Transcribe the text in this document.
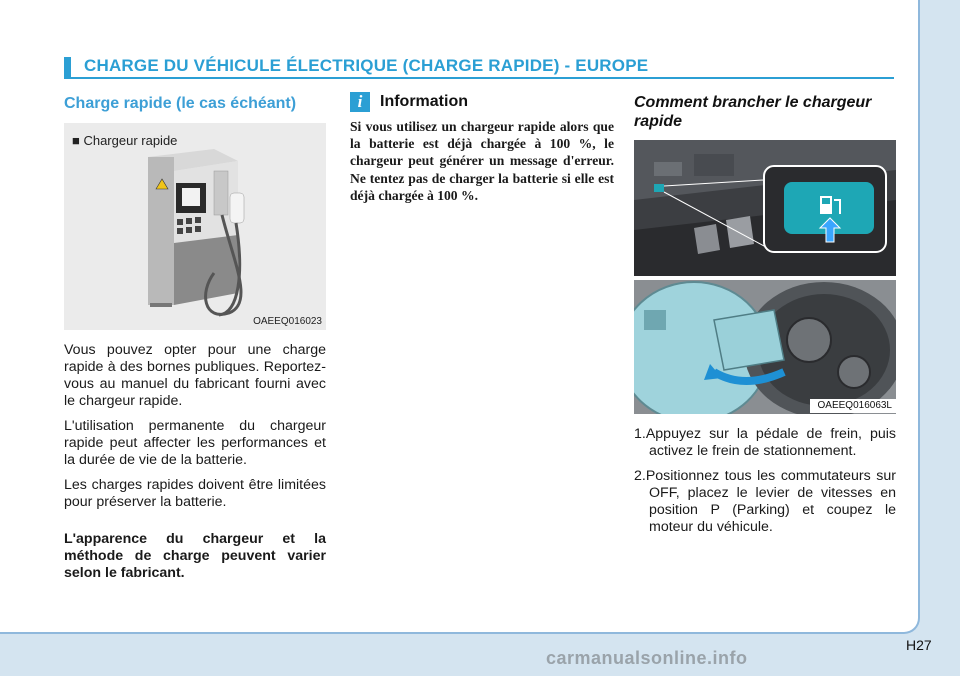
CHARGE DU VÉHICULE ÉLECTRIQUE (CHARGE RAPIDE) - EUROPE
Charge rapide (le cas échéant)
■ Chargeur rapide
OAEEQ016023

Vous pouvez opter pour une charge rapide à des bornes publiques. Reportez-vous au manuel du fabricant fourni avec le chargeur rapide.

L'utilisation permanente du chargeur rapide peut affecter les performances et la durée de vie de la batterie.

Les charges rapides doivent être limitées pour préserver la batterie.

L'apparence du chargeur et la méthode de charge peuvent varier selon le fabricant.

i	Information

Si vous utilisez un chargeur rapide alors que la batterie est déjà chargée à 100 %, le chargeur peut générer un message d'erreur. Ne tentez pas de charger la batterie si elle est déjà chargée à 100 %.

Comment brancher le chargeur rapide
OAEEQ016063L
1.Appuyez sur la pédale de frein, puis activez le frein de stationnement.
2.Positionnez tous les commutateurs sur OFF, placez le levier de vitesses en position P (Parking) et coupez le moteur du véhicule.
H27
carmanualsonline.info
